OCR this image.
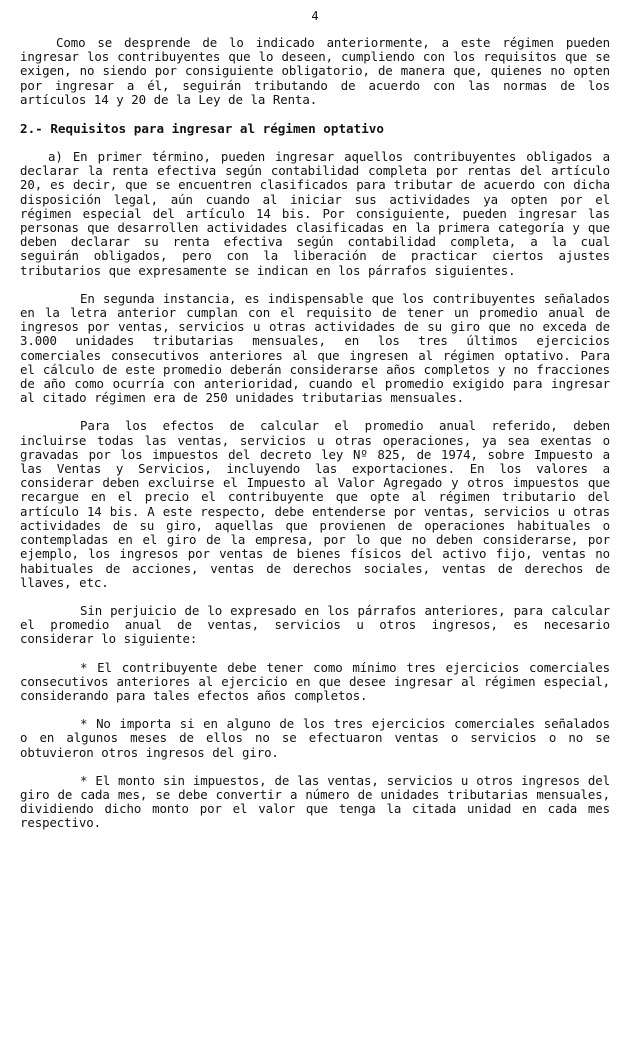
4

Como se desprende de lo indicado anteriormente, a este régimen pueden ingresar los contribuyentes que lo deseen, cumpliendo con los requisitos que se exigen, no siendo por consiguiente obligatorio, de manera que, quienes no opten por ingresar a él, seguirán tributando de acuerdo con las normas de los artículos 14 y 20 de la Ley de la Renta.

2.- Requisitos para ingresar al régimen optativo

a) En primer término, pueden ingresar aquellos contribuyentes obligados a declarar la renta efectiva según contabilidad completa por rentas del artículo 20, es decir, que se encuentren clasificados para tributar de acuerdo con dicha disposición legal, aún cuando al iniciar sus actividades ya opten por el régimen especial del artículo 14 bis. Por consiguiente, pueden ingresar las personas que desarrollen actividades clasificadas en la primera categoría y que deben declarar su renta efectiva según contabilidad completa, a la cual seguirán obligados, pero con la liberación de practicar ciertos ajustes tributarios que expresamente se indican en los párrafos siguientes.

En segunda instancia, es indispensable que los contribuyentes señalados en la letra anterior cumplan con el requisito de tener un promedio anual de ingresos por ventas, servicios u otras actividades de su giro que no exceda de 3.000 unidades tributarias mensuales, en los tres últimos ejercicios comerciales consecutivos anteriores al que ingresen al régimen optativo. Para el cálculo de este promedio deberán considerarse años completos y no fracciones de año como ocurría con anterioridad, cuando el promedio exigido para ingresar al citado régimen era de 250 unidades tributarias mensuales.

Para los efectos de calcular el promedio anual referido, deben incluirse todas las ventas, servicios u otras operaciones, ya sea exentas o gravadas por los impuestos del decreto ley Nº 825, de 1974, sobre Impuesto a las Ventas y Servicios, incluyendo las exportaciones. En los valores a considerar deben excluirse el Impuesto al Valor Agregado y otros impuestos que recargue en el precio el contribuyente que opte al régimen tributario del artículo 14 bis. A este respecto, debe entenderse por ventas, servicios u otras actividades de su giro, aquellas que provienen de operaciones habituales o contempladas en el giro de la empresa, por lo que no deben considerarse, por ejemplo, los ingresos por ventas de bienes físicos del activo fijo, ventas no habituales de acciones, ventas de derechos sociales, ventas de derechos de llaves, etc.

Sin perjuicio de lo expresado en los párrafos anteriores, para calcular el promedio anual de ventas, servicios u otros ingresos, es necesario considerar lo siguiente:

* El contribuyente debe tener como mínimo tres ejercicios comerciales consecutivos anteriores al ejercicio en que desee ingresar al régimen especial, considerando para tales efectos años completos.

* No importa si en alguno de los tres ejercicios comerciales señalados o en algunos meses de ellos no se efectuaron ventas o servicios o no se obtuvieron otros ingresos del giro.

* El monto sin impuestos, de las ventas, servicios u otros ingresos del giro de cada mes, se debe convertir a número de unidades tributarias mensuales, dividiendo dicho monto por el valor que tenga la citada unidad en cada mes respectivo.
